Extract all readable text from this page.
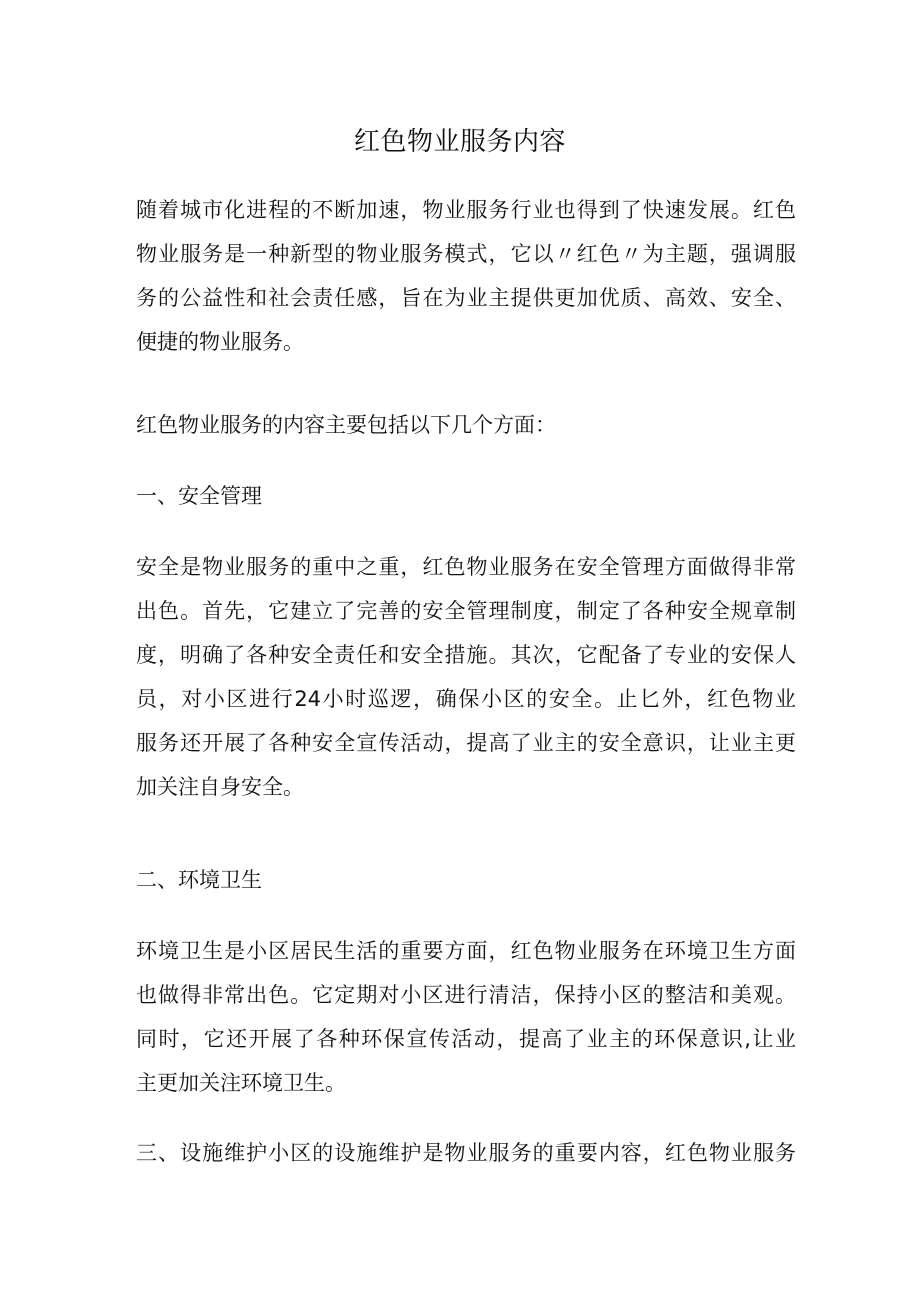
红色物业服务内容
随着城市化进程的不断加速，物业服务行业也得到了快速发展。红色
物业服务是一种新型的物业服务模式，它以〃红色〃为主题，强调服
务的公益性和社会责任感，旨在为业主提供更加优质、高效、安全、
便捷的物业服务。
红色物业服务的内容主要包括以下几个方面：
一、安全管理
安全是物业服务的重中之重，红色物业服务在安全管理方面做得非常
出色。首先，它建立了完善的安全管理制度，制定了各种安全规章制
度，明确了各种安全责任和安全措施。其次，它配备了专业的安保人
员，对小区进行24小时巡逻，确保小区的安全。止匕外，红色物业
服务还开展了各种安全宣传活动，提高了业主的安全意识，让业主更
加关注自身安全。
二、环境卫生
环境卫生是小区居民生活的重要方面，红色物业服务在环境卫生方面
也做得非常出色。它定期对小区进行清洁，保持小区的整洁和美观。
同时，它还开展了各种环保宣传活动，提高了业主的环保意识,让业
主更加关注环境卫生。
三、设施维护小区的设施维护是物业服务的重要内容，红色物业服务
